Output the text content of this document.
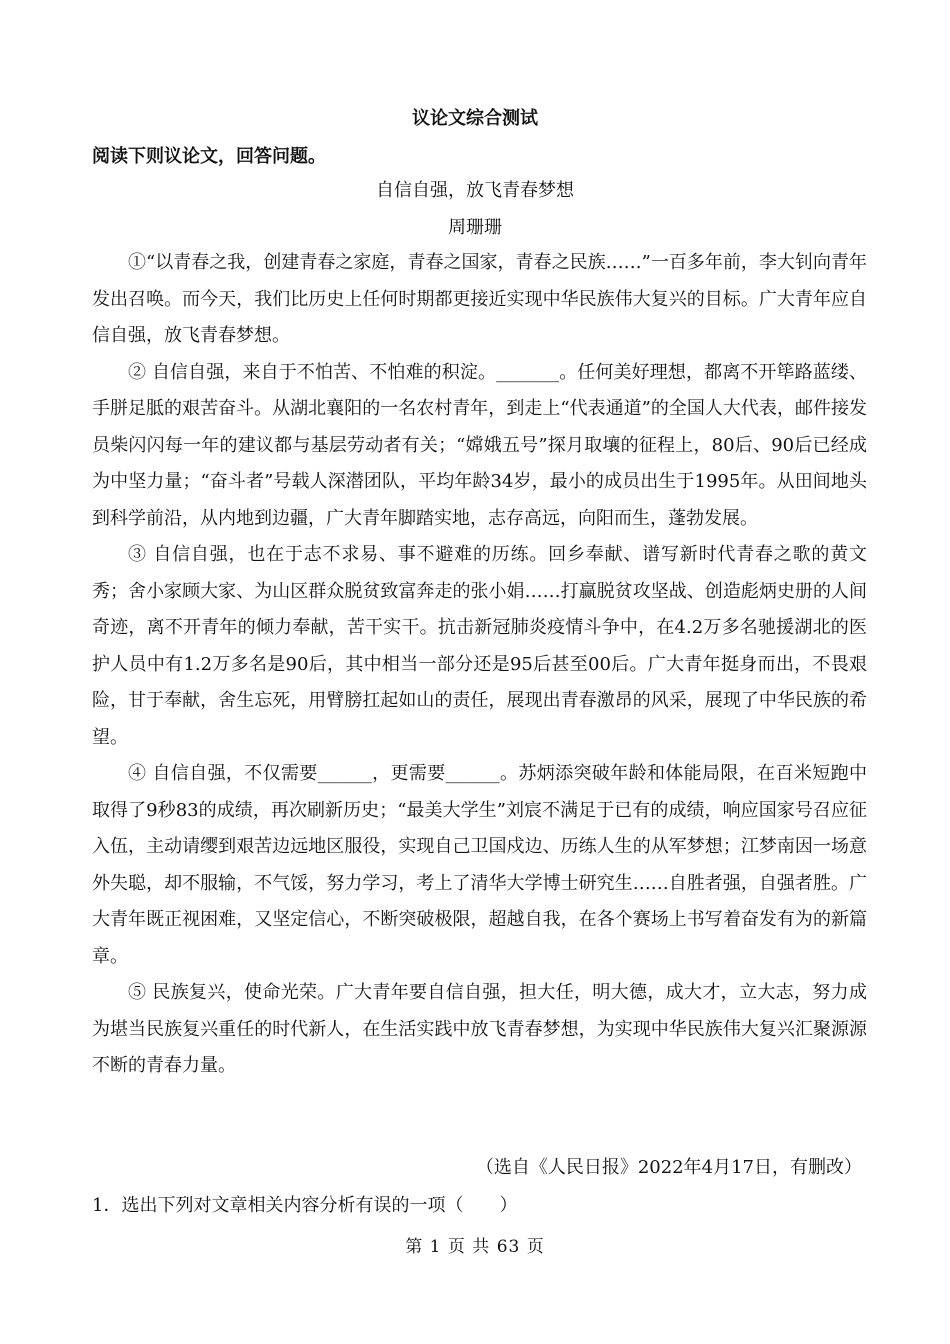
议论文综合测试
阅读下则议论文，回答问题。
自信自强，放飞青春梦想
周珊珊

①“以青春之我，创建青春之家庭，青春之国家，青春之民族……”一百多年前，李大钊向青年发出召唤。而今天，我们比历史上任何时期都更接近实现中华民族伟大复兴的目标。广大青年应自信自强，放飞青春梦想。

② 自信自强，来自于不怕苦、不怕难的积淀。_______。任何美好理想，都离不开筚路蓝缕、手胼足胝的艰苦奋斗。从湖北襄阳的一名农村青年，到走上“代表通道”的全国人大代表，邮件接发员柴闪闪每一年的建议都与基层劳动者有关；“嫦娥五号”探月取壤的征程上，80后、90后已经成为中坚力量；“奋斗者”号载人深潜团队，平均年龄34岁，最小的成员出生于1995年。从田间地头到科学前沿，从内地到边疆，广大青年脚踏实地，志存高远，向阳而生，蓬勃发展。

③ 自信自强，也在于志不求易、事不避难的历练。回乡奉献、谱写新时代青春之歌的黄文秀；舍小家顾大家、为山区群众脱贫致富奔走的张小娟……打赢脱贫攻坚战、创造彪炳史册的人间奇迹，离不开青年的倾力奉献，苦干实干。抗击新冠肺炎疫情斗争中，在4.2万多名驰援湖北的医护人员中有1.2万多名是90后，其中相当一部分还是95后甚至00后。广大青年挺身而出，不畏艰险，甘于奉献，舍生忘死，用臂膀扛起如山的责任，展现出青春激昂的风采，展现了中华民族的希望。

④ 自信自强，不仅需要______，更需要______。苏炳添突破年龄和体能局限，在百米短跑中取得了9秒83的成绩，再次刷新历史；“最美大学生”刘宸不满足于已有的成绩，响应国家号召应征入伍，主动请缨到艰苦边远地区服役，实现自己卫国戍边、历练人生的从军梦想；江梦南因一场意外失聪，却不服输，不气馁，努力学习，考上了清华大学博士研究生……自胜者强，自强者胜。广大青年既正视困难，又坚定信心，不断突破极限，超越自我，在各个赛场上书写着奋发有为的新篇章。

⑤ 民族复兴，使命光荣。广大青年要自信自强，担大任，明大德，成大才，立大志，努力成为堪当民族复兴重任的时代新人，在生活实践中放飞青春梦想，为实现中华民族伟大复兴汇聚源源不断的青春力量。

（选自《人民日报》2022年4月17日，有删改）
1．选出下列对文章相关内容分析有误的一项（　　）
第 1 页 共 63 页
